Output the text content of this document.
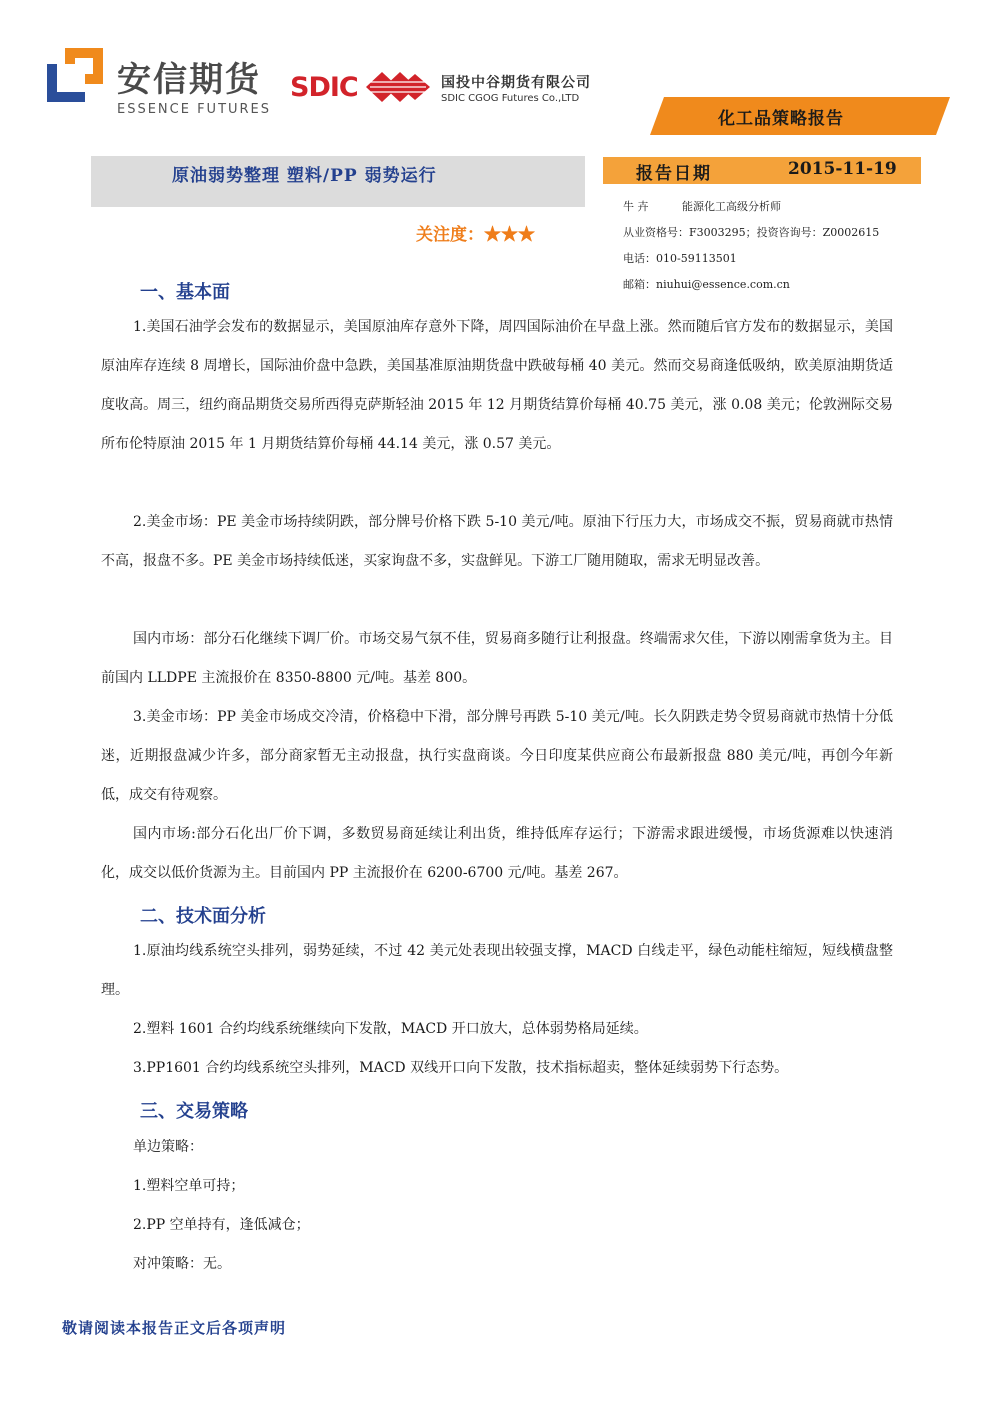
安信期货
ESSENCE FUTURES
SDIC	国投中谷期货有限公司
SDIC CGOG Futures Co.,LTD
化工品策略报告
原油弱势整理 塑料/PP 弱势运行
关注度：★★★
报告日期	2015-11-19
牛 卉	能源化工高级分析师
从业资格号：F3003295；投资咨询号：Z0002615
电话：010-59113501
邮箱：niuhui@essence.com.cn
一、基本面

1.美国石油学会发布的数据显示，美国原油库存意外下降，周四国际油价在早盘上涨。然而随后官方发布的数据显示，美国原油库存连续 8 周增长，国际油价盘中急跌，美国基准原油期货盘中跌破每桶 40 美元。然而交易商逢低吸纳，欧美原油期货适度收高。周三，纽约商品期货交易所西得克萨斯轻油 2015 年 12 月期货结算价每桶 40.75 美元，涨 0.08 美元；伦敦洲际交易所布伦特原油 2015 年 1 月期货结算价每桶 44.14 美元，涨 0.57 美元。

2.美金市场：PE 美金市场持续阴跌，部分牌号价格下跌 5-10 美元/吨。原油下行压力大，市场成交不振，贸易商就市热情不高，报盘不多。PE 美金市场持续低迷，买家询盘不多，实盘鲜见。下游工厂随用随取，需求无明显改善。

国内市场：部分石化继续下调厂价。市场交易气氛不佳，贸易商多随行让利报盘。终端需求欠佳，下游以刚需拿货为主。目前国内 LLDPE 主流报价在 8350-8800 元/吨。基差 800。

3.美金市场：PP 美金市场成交冷清，价格稳中下滑，部分牌号再跌 5-10 美元/吨。长久阴跌走势令贸易商就市热情十分低迷，近期报盘减少许多，部分商家暂无主动报盘，执行实盘商谈。今日印度某供应商公布最新报盘 880 美元/吨，再创今年新低，成交有待观察。

国内市场:部分石化出厂价下调，多数贸易商延续让利出货，维持低库存运行；下游需求跟进缓慢，市场货源难以快速消化，成交以低价货源为主。目前国内 PP 主流报价在 6200-6700 元/吨。基差 267。

二、技术面分析

1.原油均线系统空头排列，弱势延续，不过 42 美元处表现出较强支撑，MACD 白线走平，绿色动能柱缩短，短线横盘整理。

2.塑料 1601 合约均线系统继续向下发散，MACD 开口放大，总体弱势格局延续。

3.PP1601 合约均线系统空头排列，MACD 双线开口向下发散，技术指标超卖，整体延续弱势下行态势。

三、交易策略
单边策略：
1.塑料空单可持；
2.PP 空单持有，逢低减仓；
对冲策略：无。
敬请阅读本报告正文后各项声明
